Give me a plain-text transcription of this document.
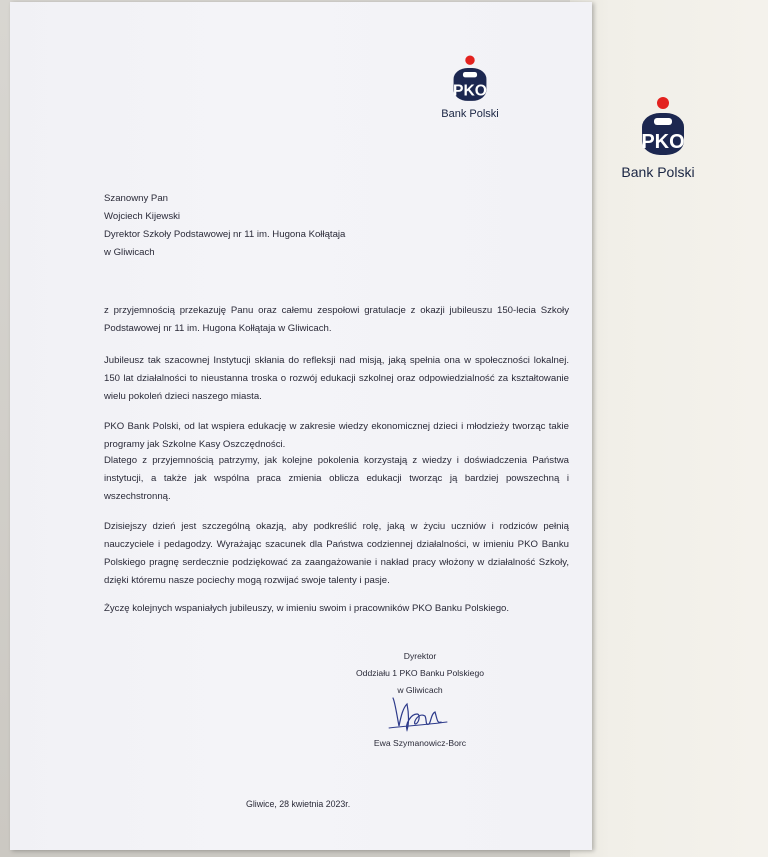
PKO
Bank Polski
PKO
Bank Polski
Szanowny Pan
Wojciech Kijewski
Dyrektor Szkoły Podstawowej nr 11 im. Hugona Kołłątaja
w Gliwicach
z przyjemnością przekazuję Panu oraz całemu zespołowi gratulacje z okazji jubileuszu 150-lecia Szkoły Podstawowej nr 11 im. Hugona Kołłątaja w Gliwicach.
Jubileusz tak szacownej Instytucji skłania do refleksji nad misją, jaką spełnia ona w społeczności lokalnej. 150 lat działalności to nieustanna troska o rozwój edukacji szkolnej oraz odpowiedzialność za kształtowanie wielu pokoleń dzieci naszego miasta.
PKO Bank Polski, od lat wspiera edukację w zakresie wiedzy ekonomicznej dzieci i młodzieży tworząc takie programy jak Szkolne Kasy Oszczędności.
Dlatego z przyjemnością patrzymy, jak kolejne pokolenia korzystają z wiedzy i doświadczenia Państwa instytucji, a także jak wspólna praca zmienia oblicza edukacji tworząc ją bardziej powszechną i wszechstronną.
Dzisiejszy dzień jest szczególną okazją, aby podkreślić rolę, jaką w życiu uczniów i rodziców pełnią nauczyciele i pedagodzy. Wyrażając szacunek dla Państwa codziennej działalności, w imieniu PKO Banku Polskiego pragnę serdecznie podziękować za zaangażowanie i nakład pracy włożony w działalność Szkoły, dzięki któremu nasze pociechy mogą rozwijać swoje talenty i pasje.
Życzę kolejnych wspaniałych jubileuszy, w imieniu swoim i pracowników PKO Banku Polskiego.
Dyrektor
Oddziału 1 PKO Banku Polskiego
w Gliwicach
Ewa Szymanowicz-Borc
Gliwice, 28 kwietnia 2023r.
